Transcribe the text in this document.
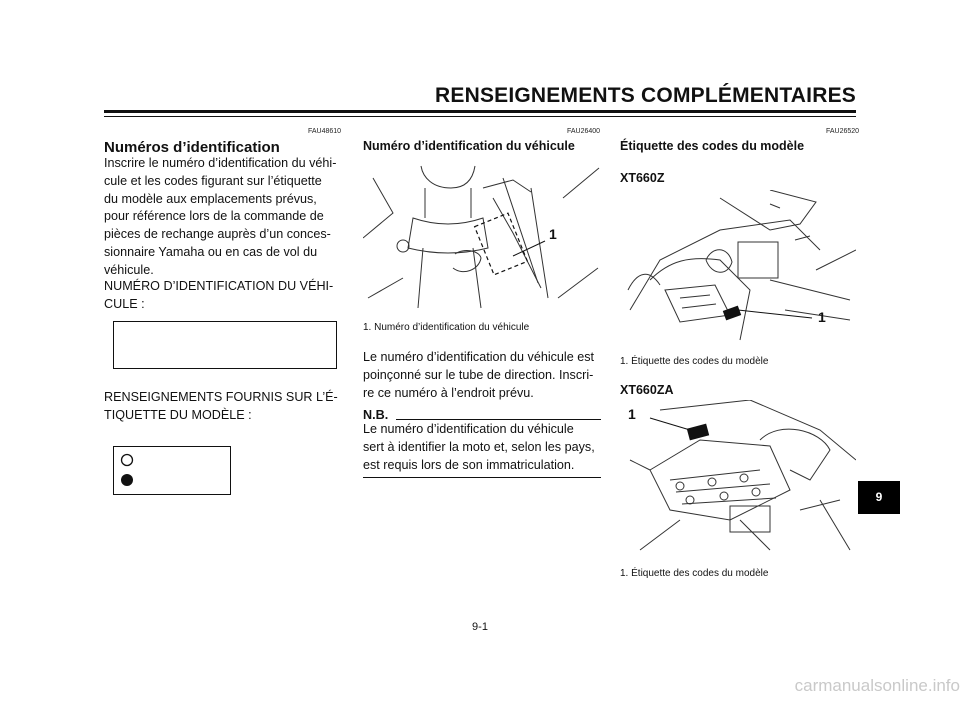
RENSEIGNEMENTS COMPLÉMENTAIRES
FAU48610
Numéros d’identification
Inscrire le numéro d’identification du véhi-
cule et les codes figurant sur l’étiquette
du modèle aux emplacements prévus,
pour référence lors de la commande de
pièces de rechange auprès d’un conces-
sionnaire Yamaha ou en cas de vol du
véhicule.
NUMÉRO D’IDENTIFICATION DU VÉHI-
CULE :
RENSEIGNEMENTS FOURNIS SUR L’É-
TIQUETTE DU MODÈLE :
FAU26400
Numéro d’identification du véhicule
1
1. Numéro d’identification du véhicule
Le numéro d’identification du véhicule est
poinçonné sur le tube de direction. Inscri-
re ce numéro à l’endroit prévu.
N.B.
Le numéro d’identification du véhicule
sert à identifier la moto et, selon les pays,
est requis lors de son immatriculation.
FAU26520
Étiquette des codes du modèle
XT660Z
1
1. Étiquette des codes du modèle
XT660ZA
1
1. Étiquette des codes du modèle
9
9-1
carmanualsonline.info
